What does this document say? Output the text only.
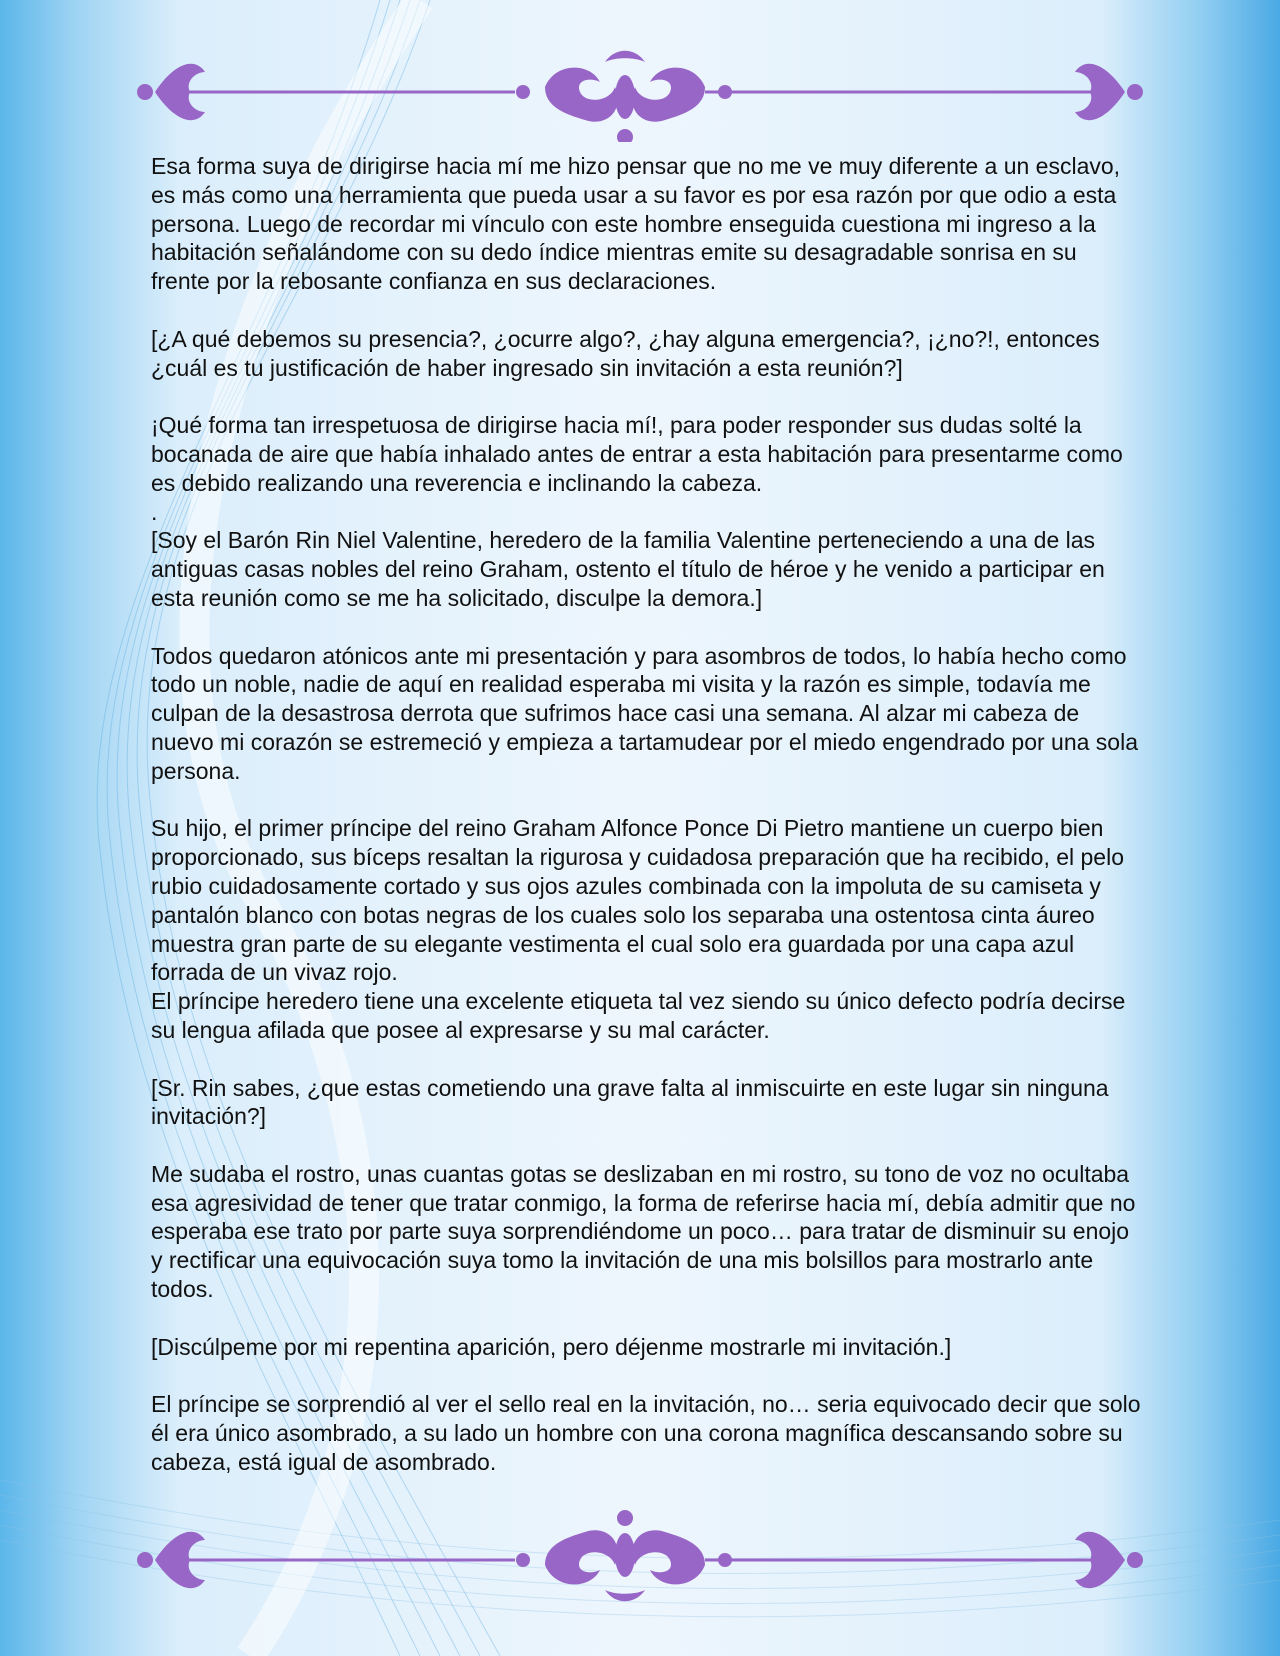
Esa forma suya de dirigirse hacia mí me hizo pensar que no me ve muy diferente a un esclavo, es más como una herramienta que pueda usar a su favor es por esa razón por que odio a esta persona. Luego de recordar mi vínculo con este hombre enseguida cuestiona mi ingreso a la habitación señalándome con su dedo índice mientras emite su desagradable sonrisa en su frente por la rebosante confianza en sus declaraciones.

[¿A qué debemos su presencia?, ¿ocurre algo?, ¿hay alguna emergencia?, ¡¿no?!, entonces ¿cuál es tu justificación de haber ingresado sin invitación a esta reunión?]

¡Qué forma tan irrespetuosa de dirigirse hacia mí!, para poder responder sus dudas solté la bocanada de aire que había inhalado antes de entrar a esta habitación para presentarme como es debido realizando una reverencia e inclinando la cabeza.

.

[Soy el Barón Rin Niel Valentine, heredero de la familia Valentine perteneciendo a una de las antiguas casas nobles del reino Graham, ostento el título de héroe y he venido a participar en esta reunión como se me ha solicitado, disculpe la demora.]

Todos quedaron atónicos ante mi presentación y para asombros de todos, lo había hecho como todo un noble, nadie de aquí en realidad esperaba mi visita y la razón es simple, todavía me culpan de la desastrosa derrota que sufrimos hace casi una semana. Al alzar mi cabeza de nuevo mi corazón se estremeció y empieza a tartamudear por el miedo engendrado por una sola persona.

Su hijo, el primer príncipe del reino Graham Alfonce Ponce Di Pietro mantiene un cuerpo bien proporcionado, sus bíceps resaltan la rigurosa y cuidadosa preparación que ha recibido, el pelo rubio cuidadosamente cortado y sus ojos azules combinada con la impoluta de su camiseta y pantalón blanco con botas negras de los cuales solo los separaba una ostentosa cinta áureo muestra gran parte de su elegante vestimenta el cual solo era guardada por una capa azul forrada de un vivaz rojo.

El príncipe heredero tiene una excelente etiqueta tal vez siendo su único defecto podría decirse su lengua afilada que posee al expresarse y su mal carácter.

[Sr. Rin sabes, ¿que estas cometiendo una grave falta al inmiscuirte en este lugar sin ninguna invitación?]

Me sudaba el rostro, unas cuantas gotas se deslizaban en mi rostro, su tono de voz no ocultaba esa agresividad de tener que tratar conmigo, la forma de referirse hacia mí, debía admitir que no esperaba ese trato por parte suya sorprendiéndome un poco… para tratar de disminuir su enojo y rectificar una equivocación suya tomo la invitación de una mis bolsillos para mostrarlo ante todos.

[Discúlpeme por mi repentina aparición, pero déjenme mostrarle mi invitación.]

El príncipe se sorprendió al ver el sello real en la invitación, no… seria equivocado decir que solo él era único asombrado, a su lado un hombre con una corona magnífica descansando sobre su cabeza, está igual de asombrado.
